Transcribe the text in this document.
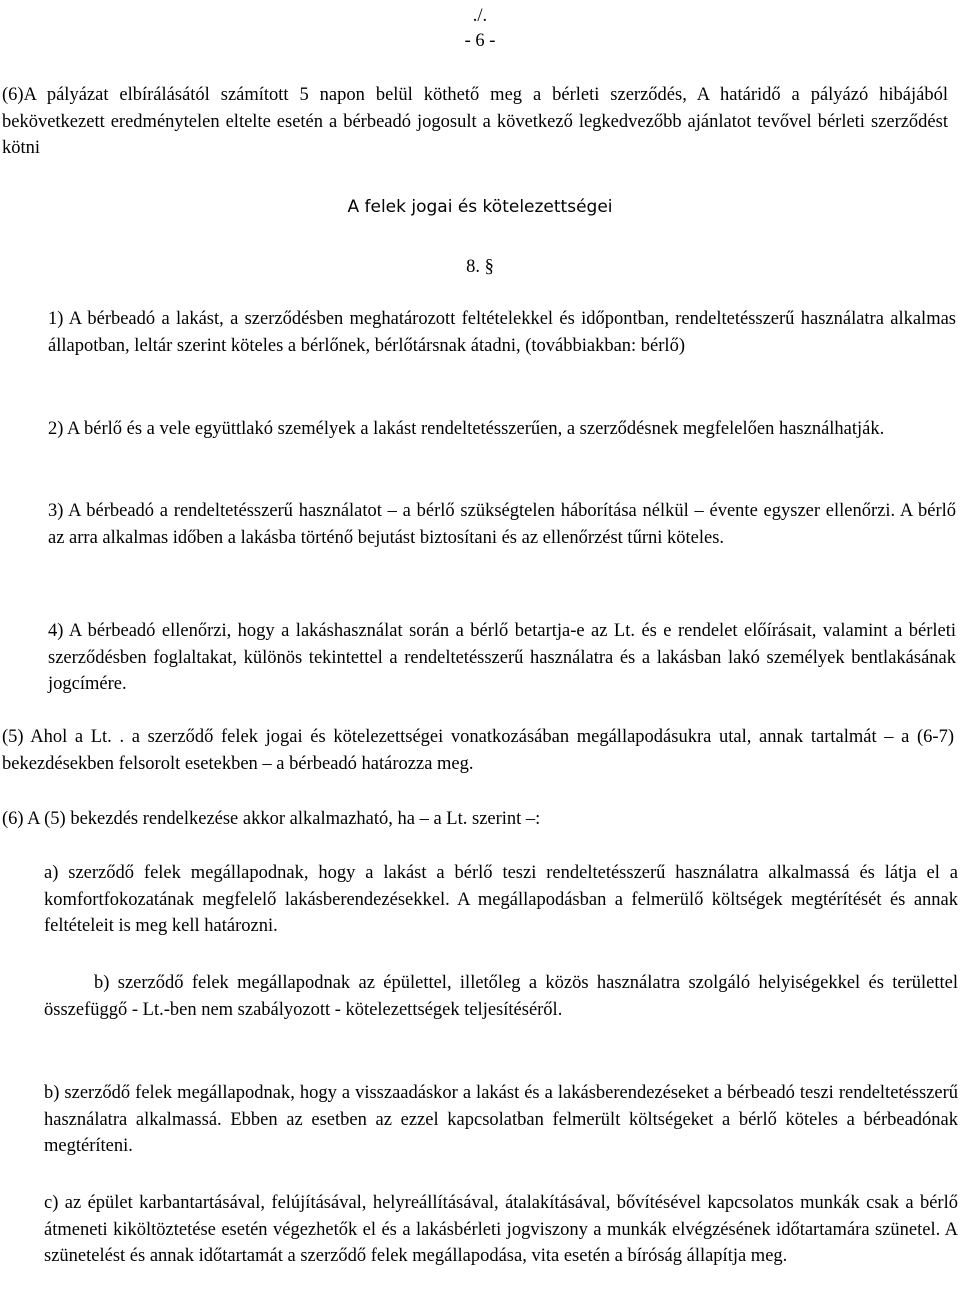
./.
- 6 -

(6)A pályázat elbírálásától számított 5 napon belül köthető meg a bérleti szerződés, A határidő a pályázó hibájából bekövetkezett eredménytelen eltelte esetén a bérbeadó jogosult a következő legkedvezőbb ajánlatot tevővel bérleti szerződést kötni

A felek jogai és kötelezettségei
8. §

1) A bérbeadó a lakást, a szerződésben meghatározott feltételekkel és időpontban, rendeltetésszerű használatra alkalmas állapotban, leltár szerint köteles a bérlőnek, bérlőtársnak átadni, (továbbiakban: bérlő)

2) A bérlő és a vele együttlakó személyek a lakást rendeltetésszerűen, a szerződésnek megfelelően használhatják.

3) A bérbeadó a rendeltetésszerű használatot – a bérlő szükségtelen háborítása nélkül – évente egyszer ellenőrzi. A bérlő az arra alkalmas időben a lakásba történő bejutást biztosítani és az ellenőrzést tűrni köteles.

4) A bérbeadó ellenőrzi, hogy a lakáshasználat során a bérlő betartja-e az Lt. és e rendelet előírásait, valamint a bérleti szerződésben foglaltakat, különös tekintettel a rendeltetésszerű használatra és a lakásban lakó személyek bentlakásának jogcímére.

(5) Ahol a Lt. . a szerződő felek jogai és kötelezettségei vonatkozásában megállapodásukra utal, annak tartalmát – a (6-7) bekezdésekben felsorolt esetekben – a bérbeadó határozza meg.

(6) A (5) bekezdés rendelkezése akkor alkalmazható, ha – a Lt. szerint –:

a) szerződő felek megállapodnak, hogy a lakást a bérlő teszi rendeltetésszerű használatra alkalmassá és látja el a komfortfokozatának megfelelő lakásberendezésekkel. A megállapodásban a felmerülő költségek megtérítését és annak feltételeit is meg kell határozni.

b) szerződő felek megállapodnak az épülettel, illetőleg a közös használatra szolgáló helyiségekkel és területtel összefüggő - Lt.-ben nem szabályozott - kötelezettségek teljesítéséről.

b) szerződő felek megállapodnak, hogy a visszaadáskor a lakást és a lakásberendezéseket a bérbeadó teszi rendeltetésszerű használatra alkalmassá. Ebben az esetben az ezzel kapcsolatban felmerült költségeket a bérlő köteles a bérbeadónak megtéríteni.

c) az épület karbantartásával, felújításával, helyreállításával, átalakításával, bővítésével kapcsolatos munkák csak a bérlő átmeneti kiköltöztetése esetén végezhetők el és a lakásbérleti jogviszony a munkák elvégzésének időtartamára szünetel. A szünetelést és annak időtartamát a szerződő felek megállapodása, vita esetén a bíróság állapítja meg.
